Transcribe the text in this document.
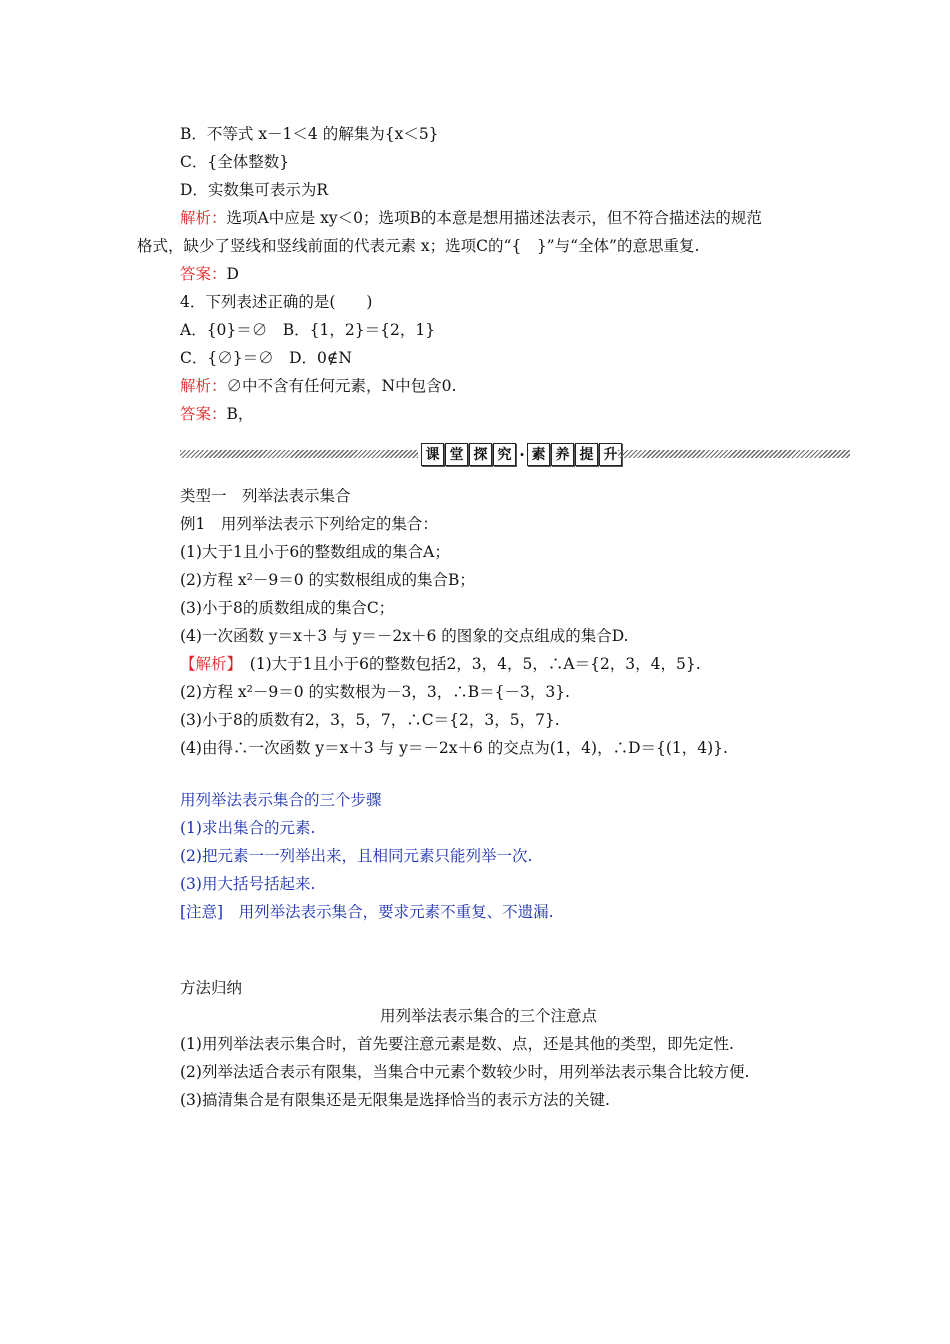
B．不等式 x－1＜4 的解集为{x＜5}
C．{全体整数}
D．实数集可表示为R
解析：选项A中应是 xy＜0；选项B的本意是想用描述法表示，但不符合描述法的规范
格式，缺少了竖线和竖线前面的代表元素 x；选项C的“{　}”与“全体”的意思重复.
答案：D
4．下列表述正确的是(　　)
A．{0}＝∅　B．{1，2}＝{2，1}
C．{∅}＝∅　D．0∉N
解析：∅中不含有任何元素，N中包含0.
答案：B，
课 堂 探 究 · 素 养 提 升
类型一　列举法表示集合
例1　用列举法表示下列给定的集合：
(1)大于1且小于6的整数组成的集合A；
(2)方程 x²－9＝0 的实数根组成的集合B；
(3)小于8的质数组成的集合C；
(4)一次函数 y＝x＋3 与 y＝－2x＋6 的图象的交点组成的集合D.
【解析】　(1)大于1且小于6的整数包括2，3，4，5，∴A＝{2，3，4，5}.
(2)方程 x²－9＝0 的实数根为－3，3，∴B＝{－3，3}.
(3)小于8的质数有2，3，5，7，∴C＝{2，3，5，7}.
(4)由得∴一次函数 y＝x＋3 与 y＝－2x＋6 的交点为(1，4)，∴D＝{(1，4)}.
用列举法表示集合的三个步骤
(1)求出集合的元素.
(2)把元素一一列举出来，且相同元素只能列举一次.
(3)用大括号括起来.
[注意]　用列举法表示集合，要求元素不重复、不遗漏.
方法归纳
用列举法表示集合的三个注意点
(1)用列举法表示集合时，首先要注意元素是数、点，还是其他的类型，即先定性.
(2)列举法适合表示有限集，当集合中元素个数较少时，用列举法表示集合比较方便.
(3)搞清集合是有限集还是无限集是选择恰当的表示方法的关键.
